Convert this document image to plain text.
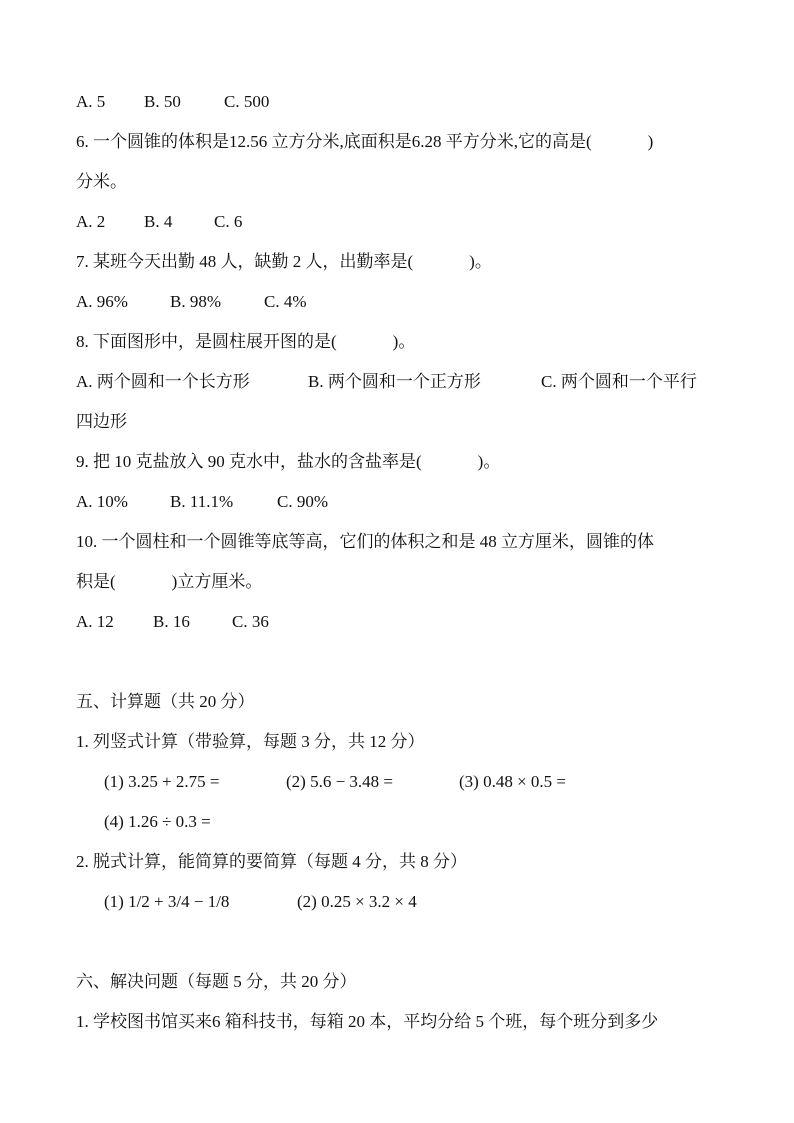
A. 5 B. 50	C. 500
6. 一个圆锥的体积是12.56 立方分米,底面积是6.28 平方分米,它的高是(	)
分米。
A. 2 B. 4 C. 6
7. 某班今天出勤 48 人，缺勤 2 人，出勤率是(	)。
A. 96% B. 98%	C. 4%
8. 下面图形中，是圆柱展开图的是(	)。
A. 两个圆和一个长方形	B. 两个圆和一个正方形	C. 两个圆和一个平行
四边形
9. 把 10 克盐放入 90 克水中，盐水的含盐率是(	)。
A. 10% B. 11.1%	C. 90%
10. 一个圆柱和一个圆锥等底等高，它们的体积之和是 48 立方厘米，圆锥的体
积是(	)立方厘米。
A. 12 B. 16 C. 36
五、计算题（共 20 分）
1. 列竖式计算（带验算，每题 3 分，共 12 分）
(1) 3.25 + 2.75 =	(2) 5.6 − 3.48 =	(3) 0.48 × 0.5 =
(4) 1.26 ÷ 0.3 =
2. 脱式计算，能简算的要简算（每题 4 分，共 8 分）
(1) 1/2 + 3/4 − 1/8	(2) 0.25 × 3.2 × 4
六、解决问题（每题 5 分，共 20 分）
1. 学校图书馆买来6 箱科技书，每箱 20 本，平均分给 5 个班，每个班分到多少
